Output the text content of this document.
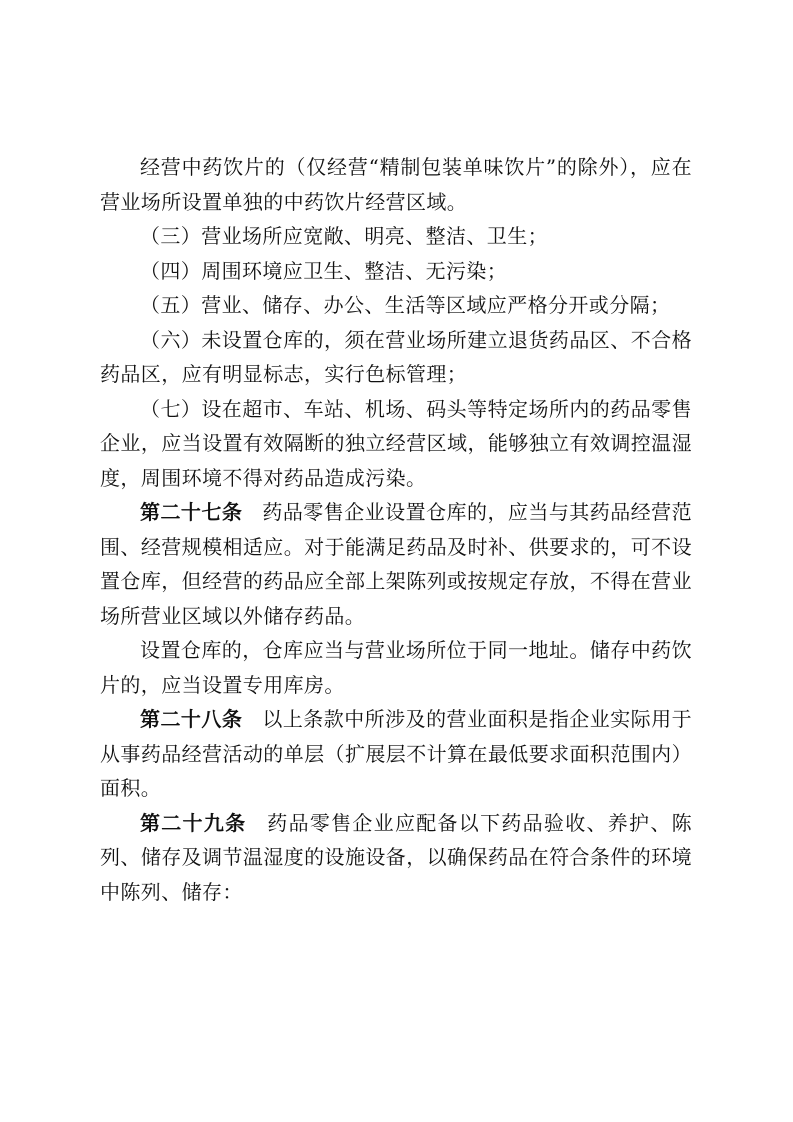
经营中药饮片的（仅经营“精制包装单味饮片”的除外），应在营业场所设置单独的中药饮片经营区域。

（三）营业场所应宽敞、明亮、整洁、卫生；

（四）周围环境应卫生、整洁、无污染；

（五）营业、储存、办公、生活等区域应严格分开或分隔；

（六）未设置仓库的，须在营业场所建立退货药品区、不合格药品区，应有明显标志，实行色标管理；

（七）设在超市、车站、机场、码头等特定场所内的药品零售企业，应当设置有效隔断的独立经营区域，能够独立有效调控温湿度，周围环境不得对药品造成污染。

第二十七条 药品零售企业设置仓库的，应当与其药品经营范围、经营规模相适应。对于能满足药品及时补、供要求的，可不设置仓库，但经营的药品应全部上架陈列或按规定存放，不得在营业场所营业区域以外储存药品。

设置仓库的，仓库应当与营业场所位于同一地址。储存中药饮片的，应当设置专用库房。

第二十八条 以上条款中所涉及的营业面积是指企业实际用于从事药品经营活动的单层（扩展层不计算在最低要求面积范围内）面积。

第二十九条 药品零售企业应配备以下药品验收、养护、陈列、储存及调节温湿度的设施设备，以确保药品在符合条件的环境中陈列、储存：
